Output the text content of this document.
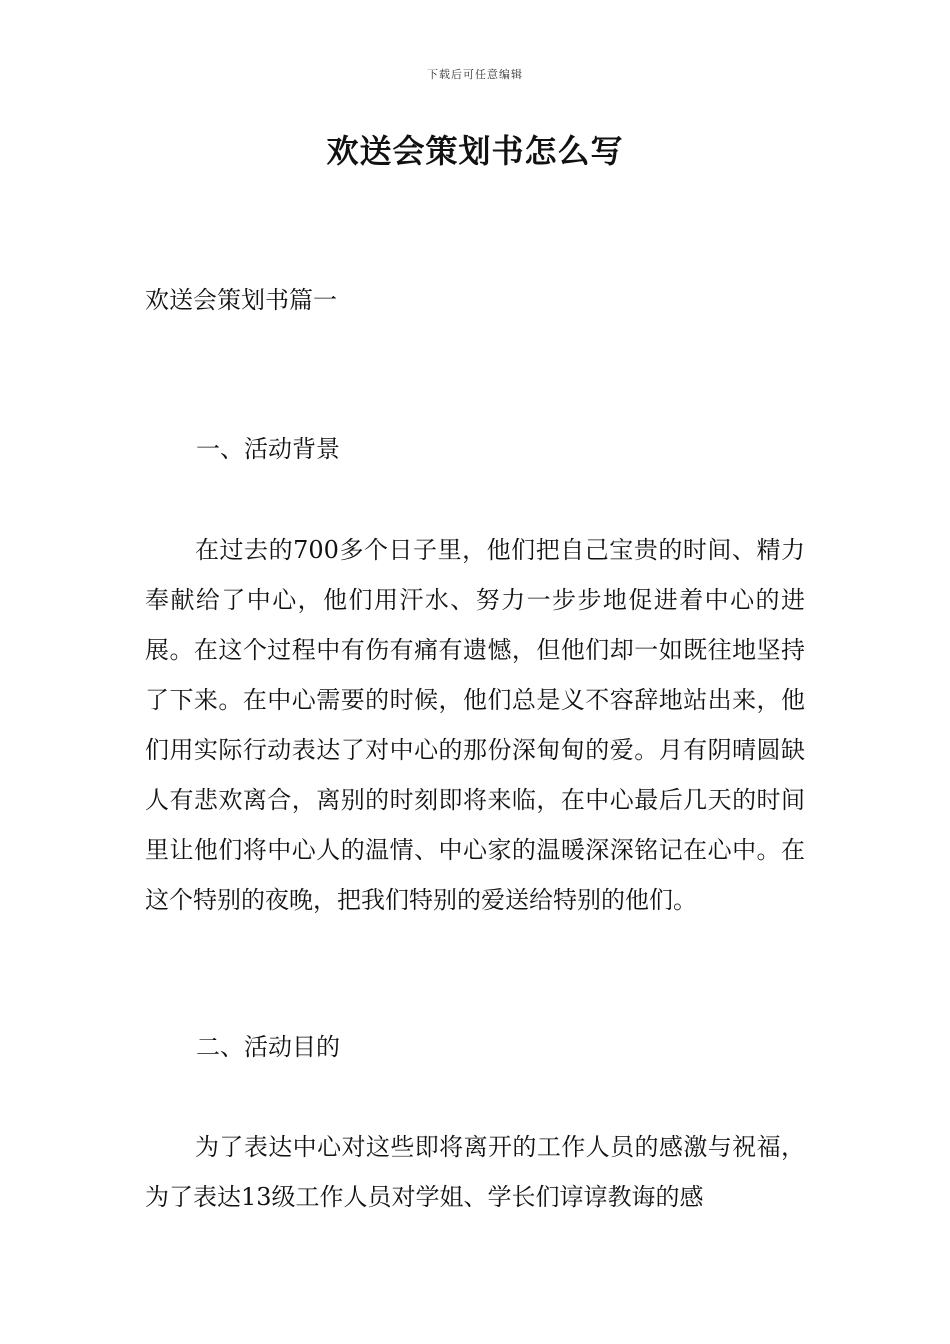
下载后可任意编辑
欢送会策划书怎么写
欢送会策划书篇一
一、活动背景
在过去的700多个日子里，他们把自己宝贵的时间、精力奉献给了中心，他们用汗水、努力一步步地促进着中心的进展。在这个过程中有伤有痛有遗憾，但他们却一如既往地坚持了下来。在中心需要的时候，他们总是义不容辞地站出来，他们用实际行动表达了对中心的那份深甸甸的爱。月有阴晴圆缺人有悲欢离合，离别的时刻即将来临，在中心最后几天的时间里让他们将中心人的温情、中心家的温暖深深铭记在心中。在这个特别的夜晚，把我们特别的爱送给特别的他们。
二、活动目的
为了表达中心对这些即将离开的工作人员的感激与祝福，为了表达13级工作人员对学姐、学长们谆谆教诲的感
